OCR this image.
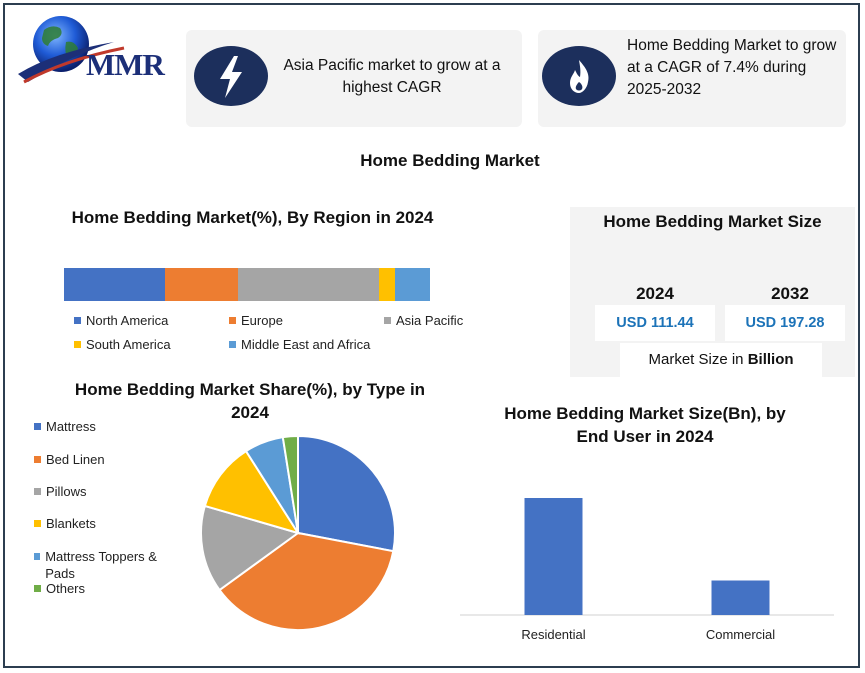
MMR	Asia Pacific market to grow at a highest CAGR
Home Bedding Market to grow at a CAGR of 7.4% during 2025-2032
Home Bedding Market
Home Bedding Market(%), By Region in 2024
North America	Europe	Asia Pacific
South America	Middle East and Africa
Home Bedding Market Size
2024	2032
USD 111.44	USD 197.28
Market Size in Billion
Home Bedding Market Share(%), by Type in 2024
Mattress
Bed Linen
Pillows
Blankets
Mattress Toppers & Pads
Others
Home Bedding Market Size(Bn), by End User in 2024
Residential	Commercial
